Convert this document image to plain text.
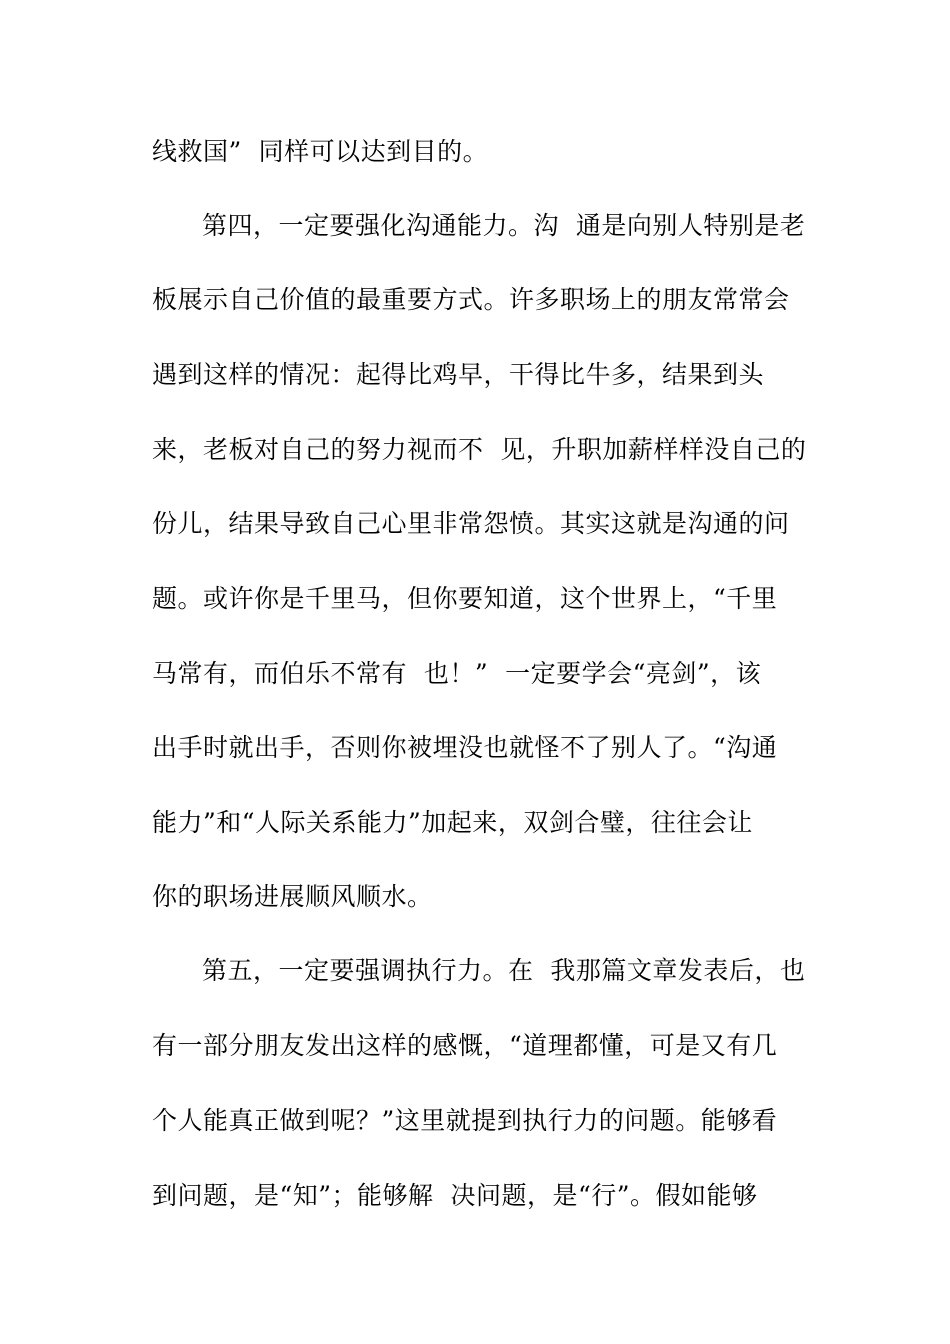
线救国”  同样可以达到目的。
第四，一定要强化沟通能力。沟  通是向别人特别是老
板展示自己价值的最重要方式。许多职场上的朋友常常会
遇到这样的情况：起得比鸡早，干得比牛多，结果到头
来，老板对自己的努力视而不  见，升职加薪样样没自己的
份儿，结果导致自己心里非常怨愤。其实这就是沟通的问
题。或许你是千里马，但你要知道，这个世界上，“千里
马常有，而伯乐不常有  也！”  一定要学会“亮剑”，该
出手时就出手，否则你被埋没也就怪不了别人了。“沟通
能力”和“人际关系能力”加起来，双剑合璧，往往会让
你的职场进展顺风顺水。
第五，一定要强调执行力。在  我那篇文章发表后，也
有一部分朋友发出这样的感慨，“道理都懂，可是又有几
个人能真正做到呢？”这里就提到执行力的问题。能够看
到问题，是“知”；能够解  决问题，是“行”。假如能够
